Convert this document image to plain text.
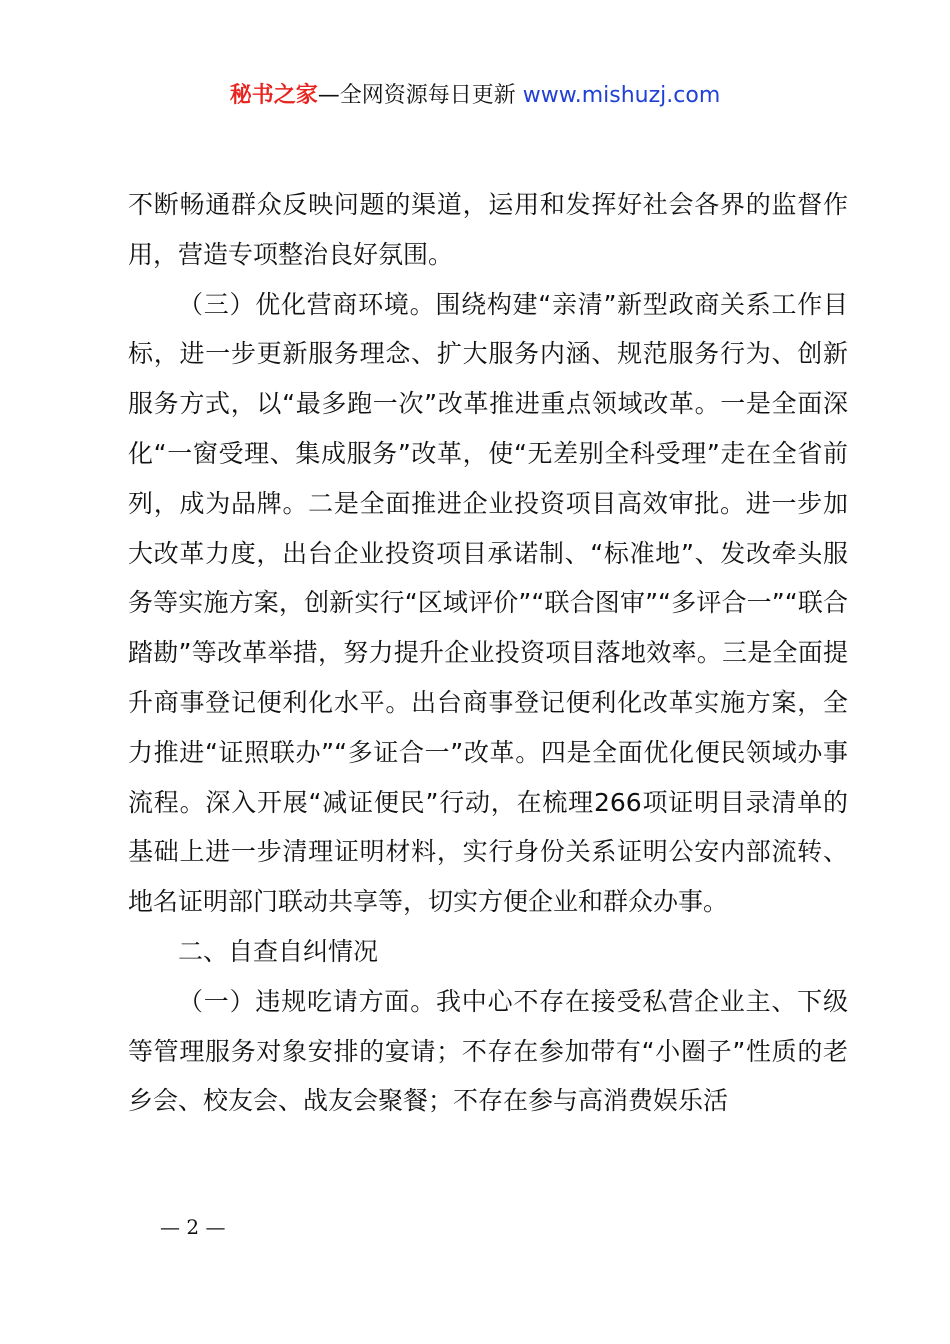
秘书之家—全网资源每日更新 www.mishuzj.com

不断畅通群众反映问题的渠道，运用和发挥好社会各界的监督作用，营造专项整治良好氛围。

（三）优化营商环境。围绕构建“亲清”新型政商关系工作目标，进一步更新服务理念、扩大服务内涵、规范服务行为、创新服务方式，以“最多跑一次”改革推进重点领域改革。一是全面深化“一窗受理、集成服务”改革，使“无差别全科受理”走在全省前列，成为品牌。二是全面推进企业投资项目高效审批。进一步加大改革力度，出台企业投资项目承诺制、“标准地”、发改牵头服务等实施方案，创新实行“区域评价”“联合图审”“多评合一”“联合踏勘”等改革举措，努力提升企业投资项目落地效率。三是全面提升商事登记便利化水平。出台商事登记便利化改革实施方案，全力推进“证照联办”“多证合一”改革。四是全面优化便民领域办事流程。深入开展“减证便民”行动，在梳理266项证明目录清单的基础上进一步清理证明材料，实行身份关系证明公安内部流转、地名证明部门联动共享等，切实方便企业和群众办事。

二、自查自纠情况

（一）违规吃请方面。我中心不存在接受私营企业主、下级等管理服务对象安排的宴请；不存在参加带有“小圈子”性质的老乡会、校友会、战友会聚餐；不存在参与高消费娱乐活

— 2 —
